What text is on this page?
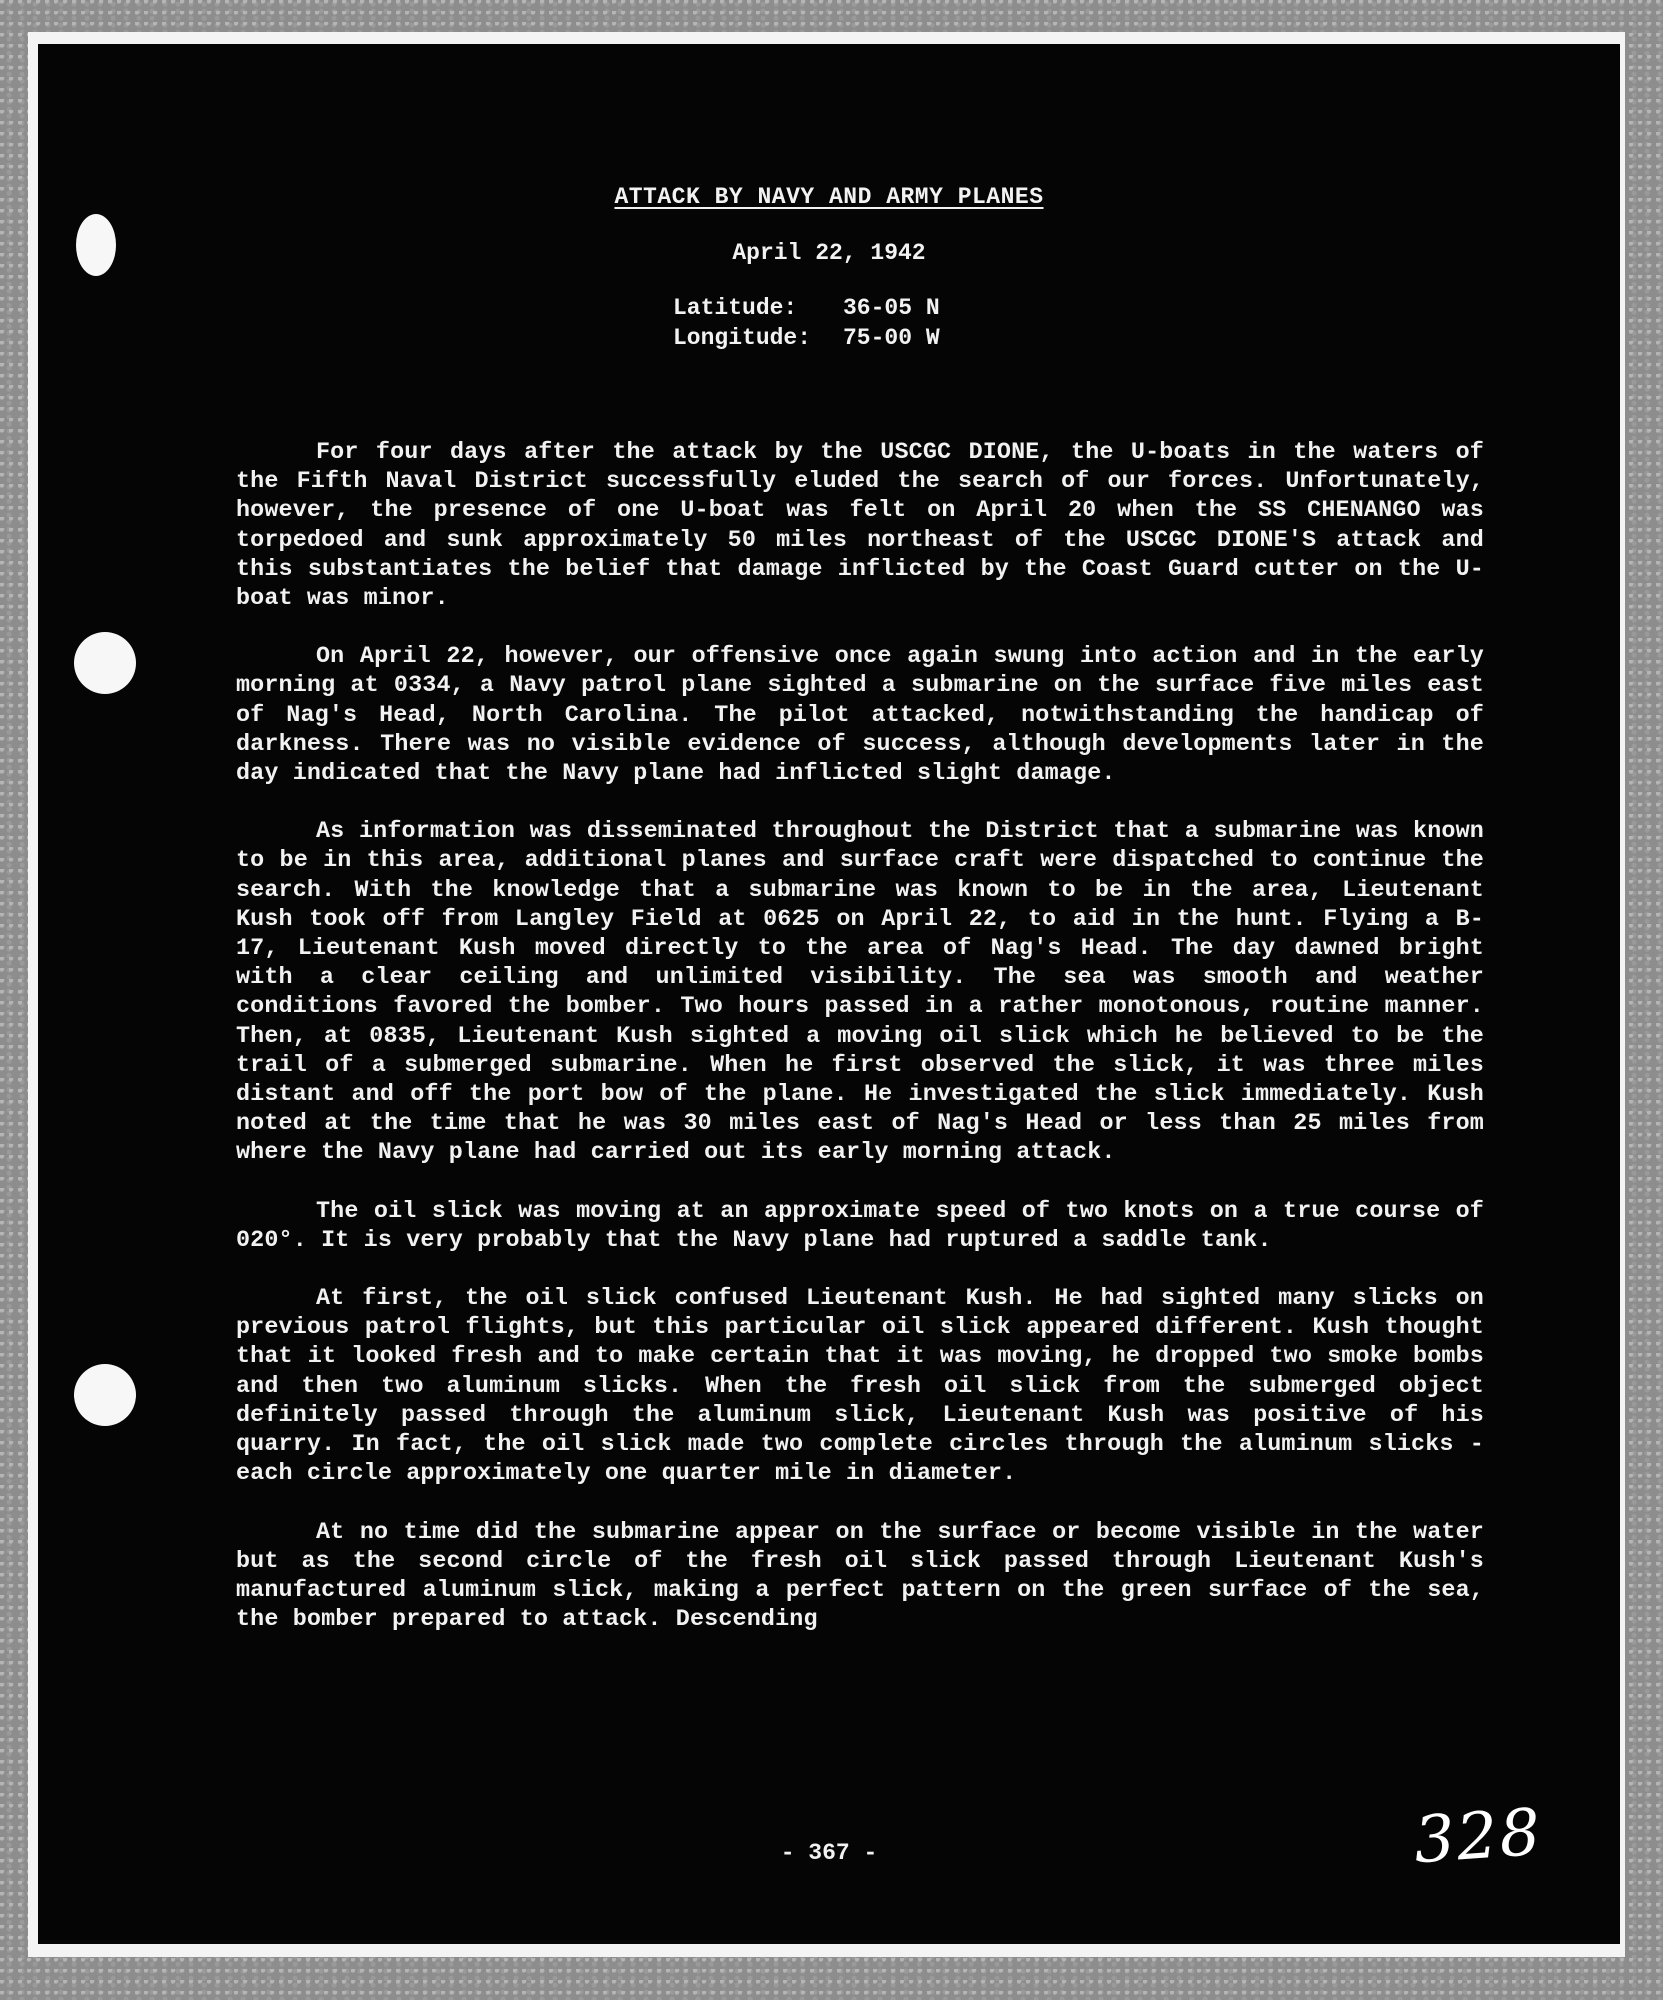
ATTACK BY NAVY AND ARMY PLANES
April 22, 1942
Latitude:	36-05 N
Longitude:	75-00 W

For four days after the attack by the USCGC DIONE, the U-boats in the waters of the Fifth Naval District successfully eluded the search of our forces. Unfortunately, however, the presence of one U-boat was felt on April 20 when the SS CHENANGO was torpedoed and sunk approximately 50 miles northeast of the USCGC DIONE'S attack and this substantiates the belief that damage inflicted by the Coast Guard cutter on the U-boat was minor.

On April 22, however, our offensive once again swung into action and in the early morning at 0334, a Navy patrol plane sighted a submarine on the surface five miles east of Nag's Head, North Carolina. The pilot attacked, notwithstanding the handicap of darkness. There was no visible evidence of success, although developments later in the day indicated that the Navy plane had inflicted slight damage.

As information was disseminated throughout the District that a submarine was known to be in this area, additional planes and surface craft were dispatched to continue the search. With the knowledge that a submarine was known to be in the area, Lieutenant Kush took off from Langley Field at 0625 on April 22, to aid in the hunt. Flying a B-17, Lieutenant Kush moved directly to the area of Nag's Head. The day dawned bright with a clear ceiling and unlimited visibility. The sea was smooth and weather conditions favored the bomber. Two hours passed in a rather monotonous, routine manner. Then, at 0835, Lieutenant Kush sighted a moving oil slick which he believed to be the trail of a submerged submarine. When he first observed the slick, it was three miles distant and off the port bow of the plane. He investigated the slick immediately. Kush noted at the time that he was 30 miles east of Nag's Head or less than 25 miles from where the Navy plane had carried out its early morning attack.

The oil slick was moving at an approximate speed of two knots on a true course of 020°. It is very probably that the Navy plane had ruptured a saddle tank.

At first, the oil slick confused Lieutenant Kush. He had sighted many slicks on previous patrol flights, but this particular oil slick appeared different. Kush thought that it looked fresh and to make certain that it was moving, he dropped two smoke bombs and then two aluminum slicks. When the fresh oil slick from the submerged object definitely passed through the aluminum slick, Lieutenant Kush was positive of his quarry. In fact, the oil slick made two complete circles through the aluminum slicks - each circle approximately one quarter mile in diameter.

At no time did the submarine appear on the surface or become visible in the water but as the second circle of the fresh oil slick passed through Lieutenant Kush's manufactured aluminum slick, making a perfect pattern on the green surface of the sea, the bomber prepared to attack. Descending

- 367 -	328
